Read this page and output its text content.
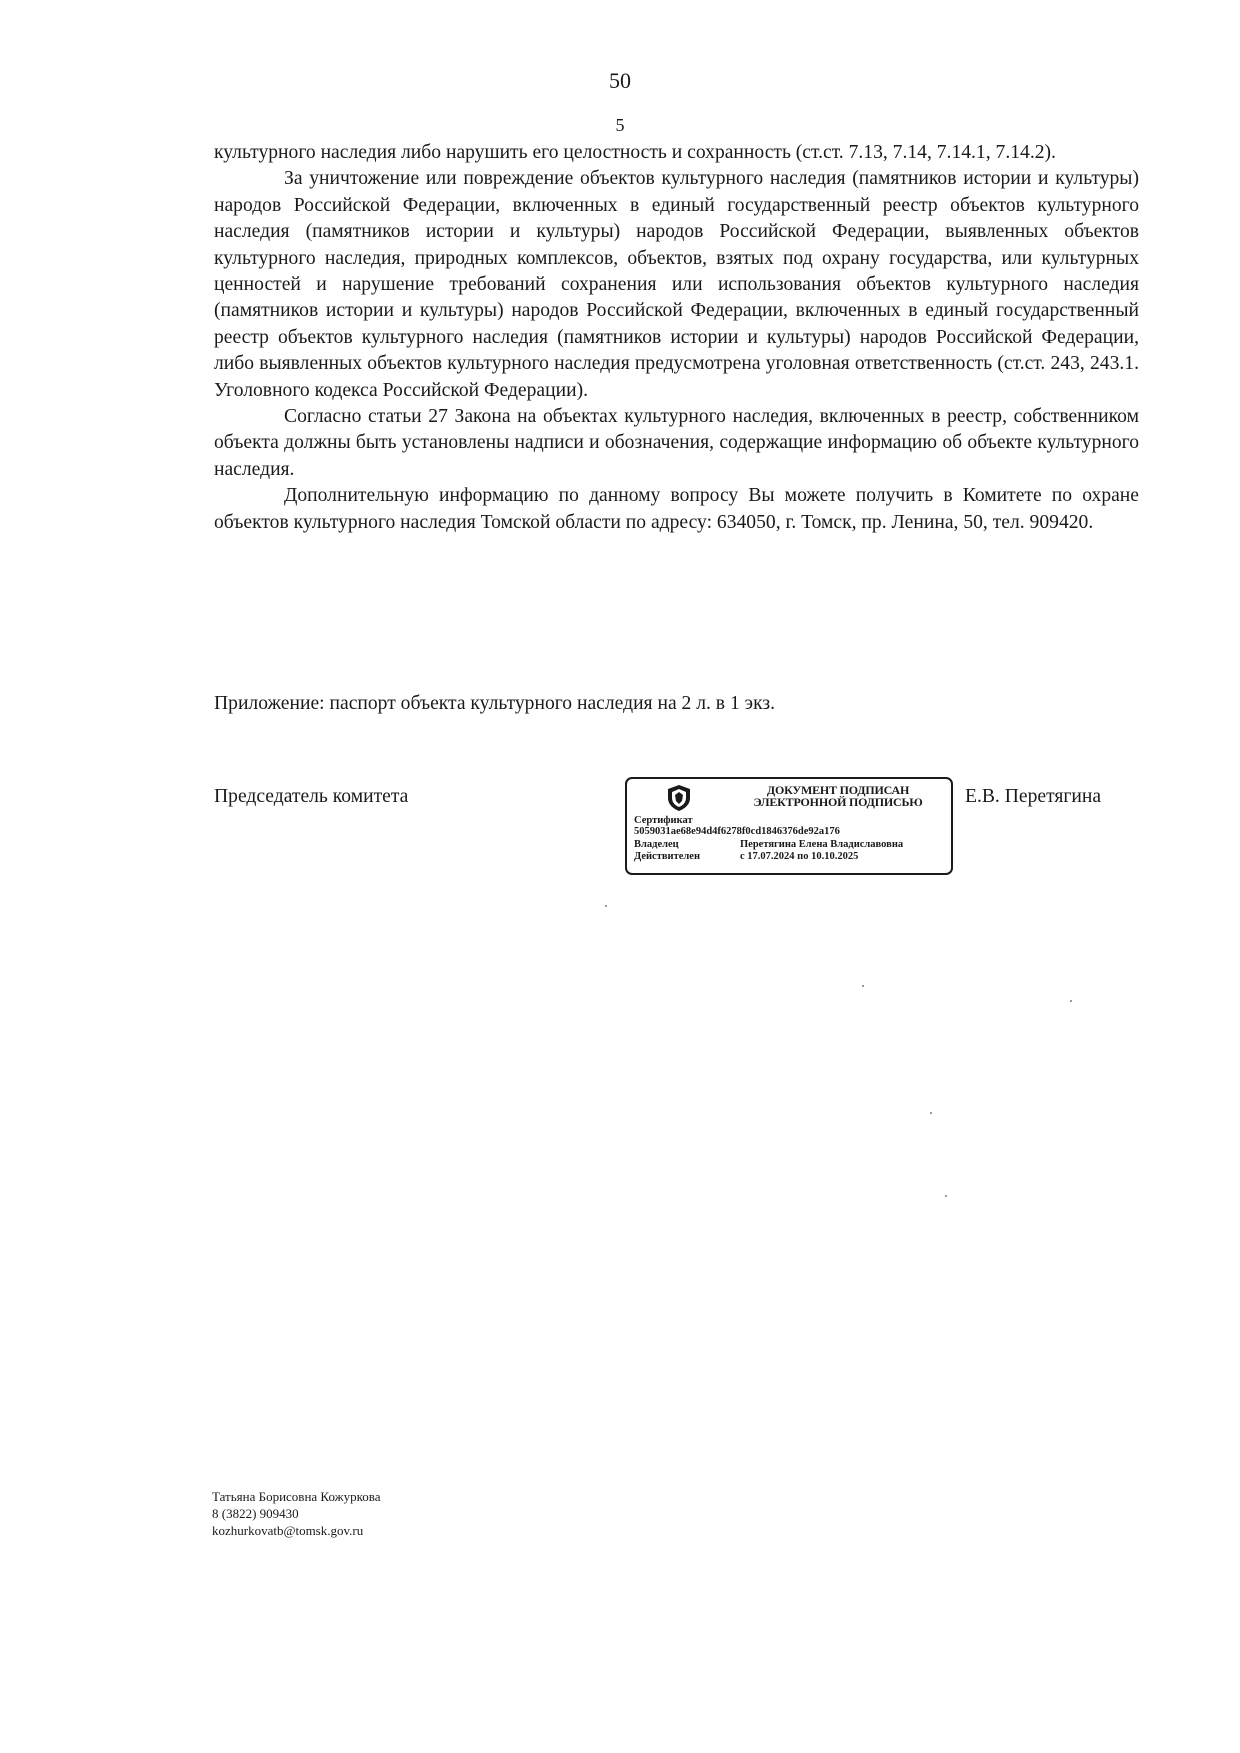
50
5

культурного наследия либо нарушить его целостность и сохранность (ст.ст. 7.13, 7.14, 7.14.1, 7.14.2).

За уничтожение или повреждение объектов культурного наследия (памятников истории и культуры) народов Российской Федерации, включенных в единый государственный реестр объектов культурного наследия (памятников истории и культуры) народов Российской Федерации, выявленных объектов культурного наследия, природных комплексов, объектов, взятых под охрану государства, или культурных ценностей и нарушение требований сохранения или использования объектов культурного наследия (памятников истории и культуры) народов Российской Федерации, включенных в единый государственный реестр объектов культурного наследия (памятников истории и культуры) народов Российской Федерации, либо выявленных объектов культурного наследия предусмотрена уголовная ответственность (ст.ст. 243, 243.1. Уголовного кодекса Российской Федерации).

Согласно статьи 27 Закона на объектах культурного наследия, включенных в реестр, собственником объекта должны быть установлены надписи и обозначения, содержащие информацию об объекте культурного наследия.

Дополнительную информацию по данному вопросу Вы можете получить в Комитете по охране объектов культурного наследия Томской области по адресу: 634050, г. Томск, пр. Ленина, 50, тел. 909420.

Приложение: паспорт объекта культурного наследия на 2 л. в 1 экз.
Председатель комитета	ДОКУМЕНТ ПОДПИСАН
ЭЛЕКТРОННОЙ ПОДПИСЬЮ
Сертификат
5059031ae68e94d4f6278f0cd1846376de92a176
Владелец	Перетягина Елена Владиславовна
Действителен	с 17.07.2024 по 10.10.2025
Е.В. Перетягина
Татьяна Борисовна Кожуркова
8 (3822) 909430
kozhurkovatb@tomsk.gov.ru
